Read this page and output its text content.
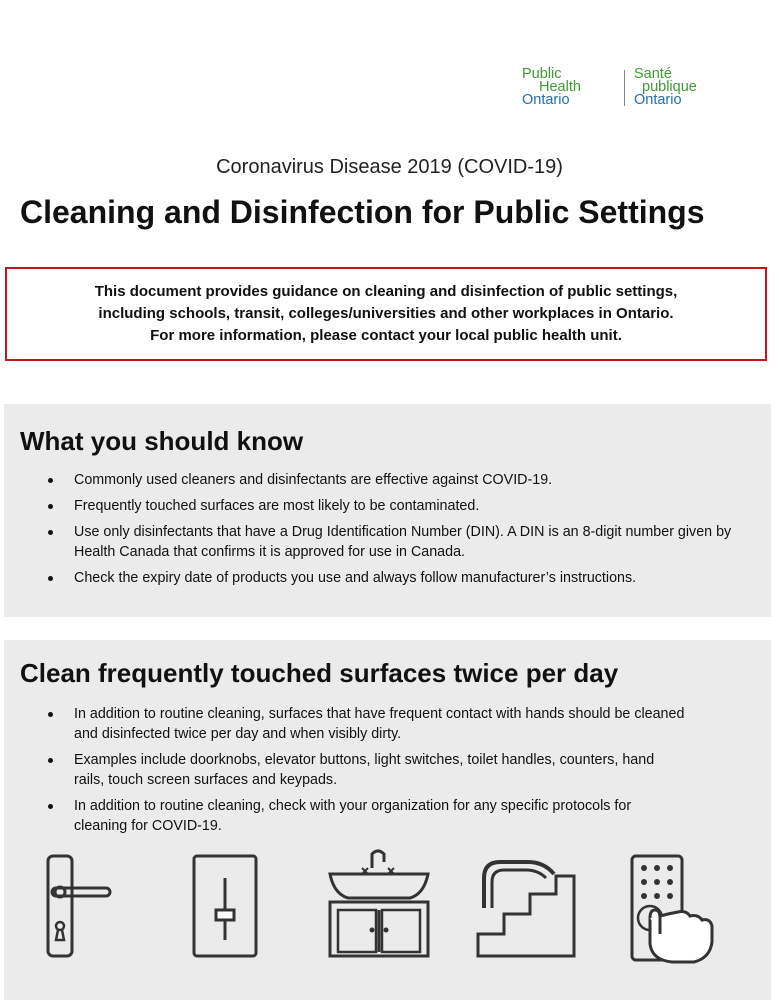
Public
Health
Ontario
Santé
publique
Ontario
Coronavirus Disease 2019 (COVID-19)
Cleaning and Disinfection for Public Settings

This document provides guidance on cleaning and disinfection of public settings,
including schools, transit, colleges/universities and other workplaces in Ontario.
For more information, please contact your local public health unit.

What you should know
Commonly used cleaners and disinfectants are effective against COVID-19.
Frequently touched surfaces are most likely to be contaminated.
Use only disinfectants that have a Drug Identification Number (DIN). A DIN is an 8-digit number given by Health Canada that confirms it is approved for use in Canada.
Check the expiry date of products you use and always follow manufacturer’s instructions.
Clean frequently touched surfaces twice per day
In addition to routine cleaning, surfaces that have frequent contact with hands should be cleaned and disinfected twice per day and when visibly dirty.
Examples include doorknobs, elevator buttons, light switches, toilet handles, counters, hand rails, touch screen surfaces and keypads.
In addition to routine cleaning, check with your organization for any specific protocols for cleaning for COVID-19.
